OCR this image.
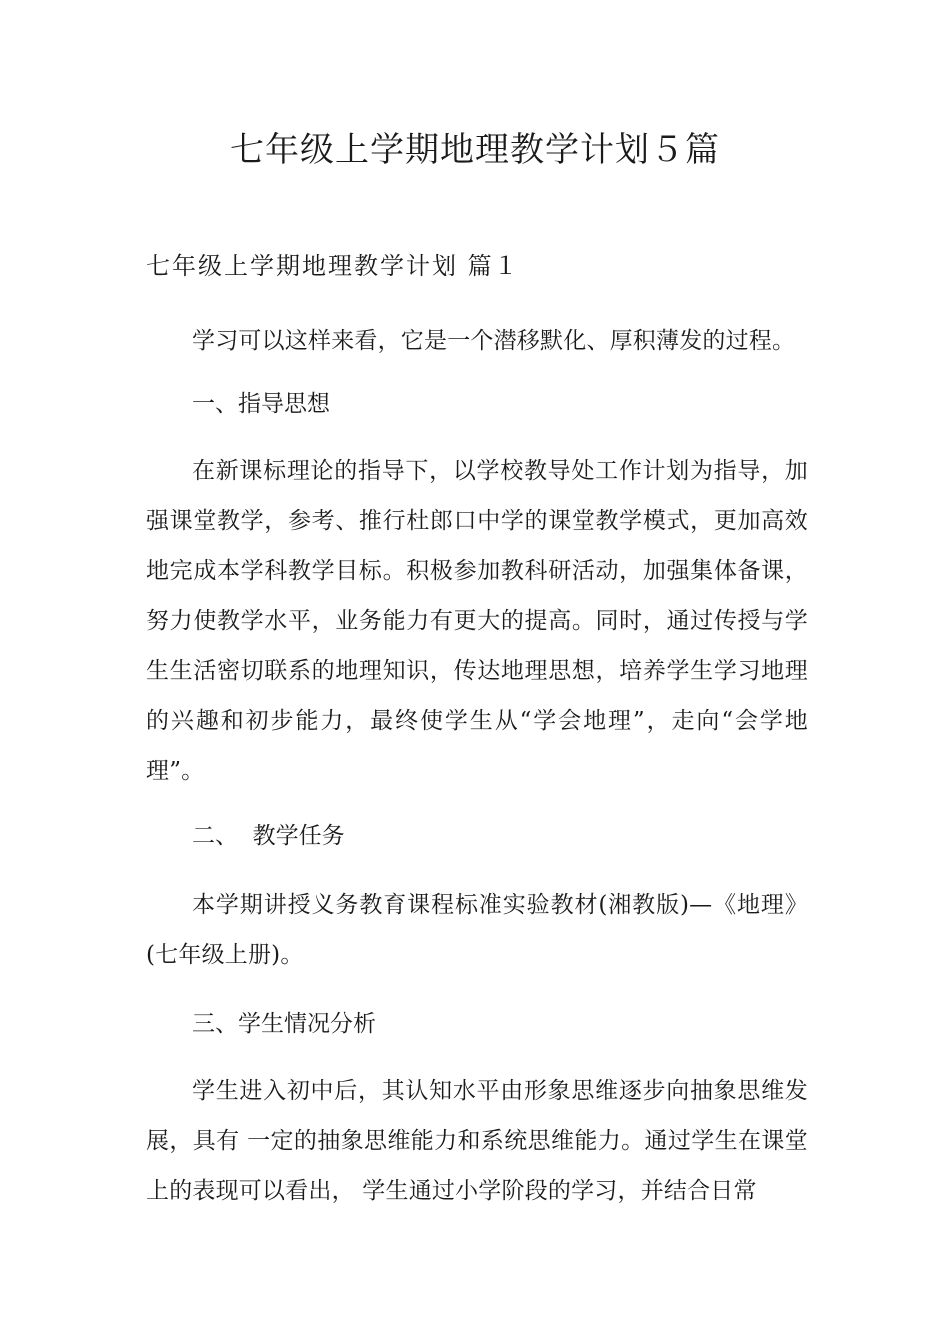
七年级上学期地理教学计划５篇
七年级上学期地理教学计划 篇１

学习可以这样来看，它是一个潜移默化、厚积薄发的过程。

一、指导思想

在新课标理论的指导下，以学校教导处工作计划为指导，加强课堂教学，参考、推行杜郎口中学的课堂教学模式，更加高效地完成本学科教学目标。积极参加教科研活动，加强集体备课，努力使教学水平，业务能力有更大的提高。同时，通过传授与学生生活密切联系的地理知识，传达地理思想，培养学生学习地理的兴趣和初步能力，最终使学生从“学会地理”，走向“会学地理”。

二、  教学任务

本学期讲授义务教育课程标准实验教材(湘教版)—《地理》(七年级上册)。

三、学生情况分析

学生进入初中后，其认知水平由形象思维逐步向抽象思维发展，具有 一定的抽象思维能力和系统思维能力。通过学生在课堂上的表现可以看出， 学生通过小学阶段的学习，并结合日常
